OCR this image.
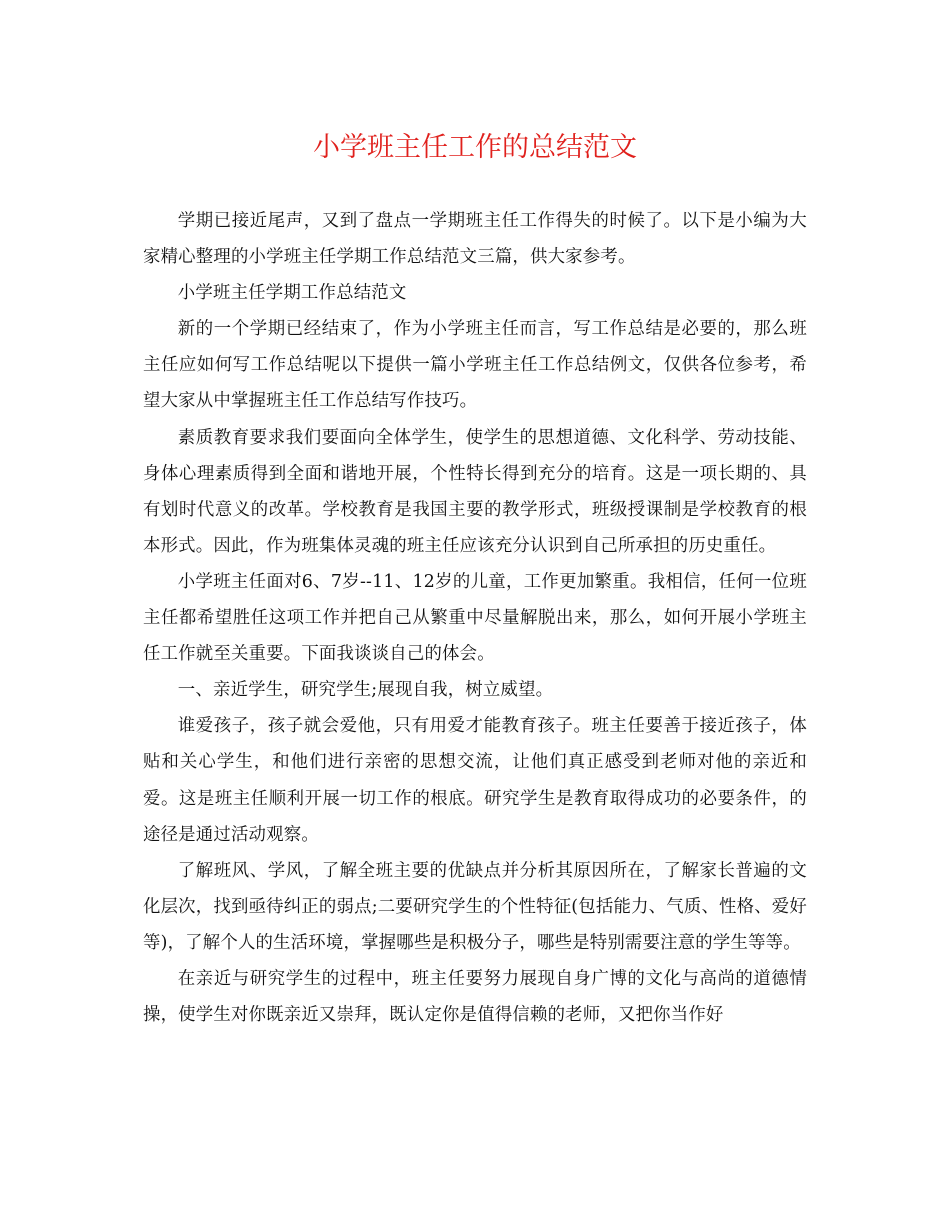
小学班主任工作的总结范文

学期已接近尾声，又到了盘点一学期班主任工作得失的时候了。以下是小编为大家精心整理的小学班主任学期工作总结范文三篇，供大家参考。

小学班主任学期工作总结范文

新的一个学期已经结束了，作为小学班主任而言，写工作总结是必要的，那么班主任应如何写工作总结呢以下提供一篇小学班主任工作总结例文，仅供各位参考，希望大家从中掌握班主任工作总结写作技巧。

素质教育要求我们要面向全体学生，使学生的思想道德、文化科学、劳动技能、身体心理素质得到全面和谐地开展，个性特长得到充分的培育。这是一项长期的、具有划时代意义的改革。学校教育是我国主要的教学形式，班级授课制是学校教育的根本形式。因此，作为班集体灵魂的班主任应该充分认识到自己所承担的历史重任。

小学班主任面对6、7岁--11、12岁的儿童，工作更加繁重。我相信，任何一位班主任都希望胜任这项工作并把自己从繁重中尽量解脱出来，那么，如何开展小学班主任工作就至关重要。下面我谈谈自己的体会。

一、亲近学生，研究学生;展现自我，树立威望。

谁爱孩子，孩子就会爱他，只有用爱才能教育孩子。班主任要善于接近孩子，体贴和关心学生，和他们进行亲密的思想交流，让他们真正感受到老师对他的亲近和爱。这是班主任顺利开展一切工作的根底。研究学生是教育取得成功的必要条件，的途径是通过活动观察。

了解班风、学风，了解全班主要的优缺点并分析其原因所在，了解家长普遍的文化层次，找到亟待纠正的弱点;二要研究学生的个性特征(包括能力、气质、性格、爱好等)，了解个人的生活环境，掌握哪些是积极分子，哪些是特别需要注意的学生等等。

在亲近与研究学生的过程中，班主任要努力展现自身广博的文化与高尚的道德情操，使学生对你既亲近又崇拜，既认定你是值得信赖的老师，又把你当作好
